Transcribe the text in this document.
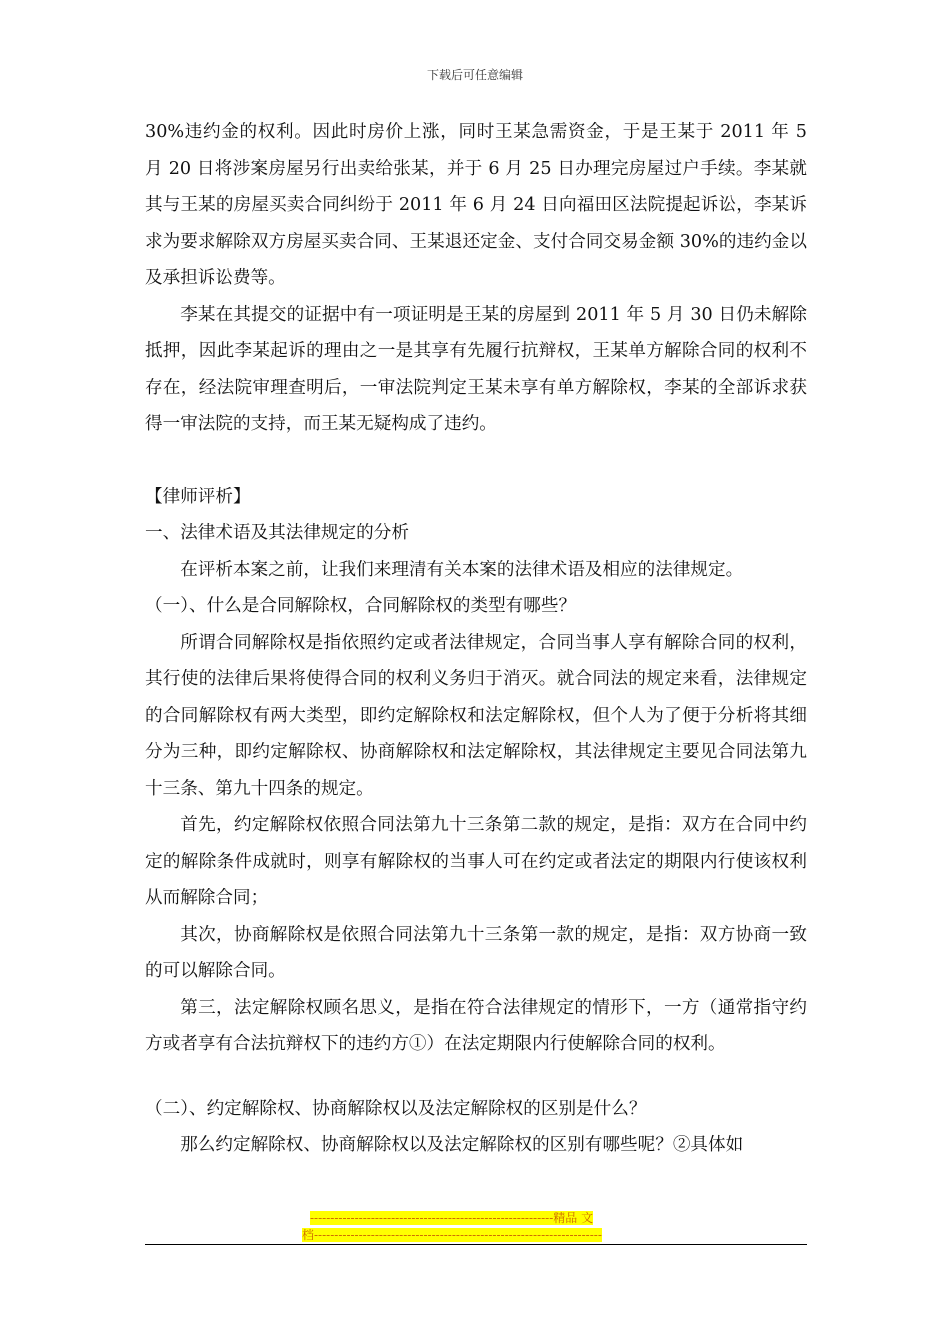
下载后可任意编辑

30%违约金的权利。因此时房价上涨，同时王某急需资金，于是王某于 2011 年 5 月 20 日将涉案房屋另行出卖给张某，并于 6 月 25 日办理完房屋过户手续。李某就其与王某的房屋买卖合同纠纷于 2011 年 6 月 24 日向福田区法院提起诉讼，李某诉求为要求解除双方房屋买卖合同、王某退还定金、支付合同交易金额 30%的违约金以及承担诉讼费等。

李某在其提交的证据中有一项证明是王某的房屋到 2011 年 5 月 30 日仍未解除抵押，因此李某起诉的理由之一是其享有先履行抗辩权，王某单方解除合同的权利不存在，经法院审理查明后，一审法院判定王某未享有单方解除权，李某的全部诉求获得一审法院的支持，而王某无疑构成了违约。

【律师评析】

一、法律术语及其法律规定的分析

在评析本案之前，让我们来理清有关本案的法律术语及相应的法律规定。

（一）、什么是合同解除权，合同解除权的类型有哪些？

所谓合同解除权是指依照约定或者法律规定，合同当事人享有解除合同的权利，其行使的法律后果将使得合同的权利义务归于消灭。就合同法的规定来看，法律规定的合同解除权有两大类型，即约定解除权和法定解除权，但个人为了便于分析将其细分为三种，即约定解除权、协商解除权和法定解除权，其法律规定主要见合同法第九十三条、第九十四条的规定。

首先，约定解除权依照合同法第九十三条第二款的规定，是指：双方在合同中约定的解除条件成就时，则享有解除权的当事人可在约定或者法定的期限内行使该权利从而解除合同；

其次，协商解除权是依照合同法第九十三条第一款的规定，是指：双方协商一致的可以解除合同。

第三，法定解除权顾名思义，是指在符合法律规定的情形下，一方（通常指守约方或者享有合法抗辩权下的违约方①）在法定期限内行使解除合同的权利。

（二）、约定解除权、协商解除权以及法定解除权的区别是什么？

那么约定解除权、协商解除权以及法定解除权的区别有哪些呢？②具体如

------------------------------------------------------------精品 文
档-----------------------------------------------------------------------
